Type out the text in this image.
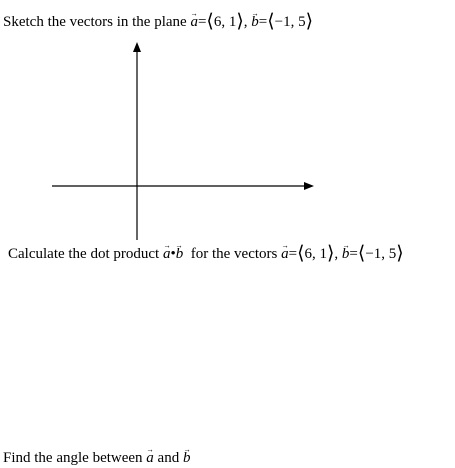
Sketch the vectors in the plane → a=⟨6, 1⟩, → b=⟨−1, 5⟩
Calculate the dot product → a•→ b for the vectors → a=⟨6, 1⟩, → b=⟨−1, 5⟩
Find the angle between → a and → b
